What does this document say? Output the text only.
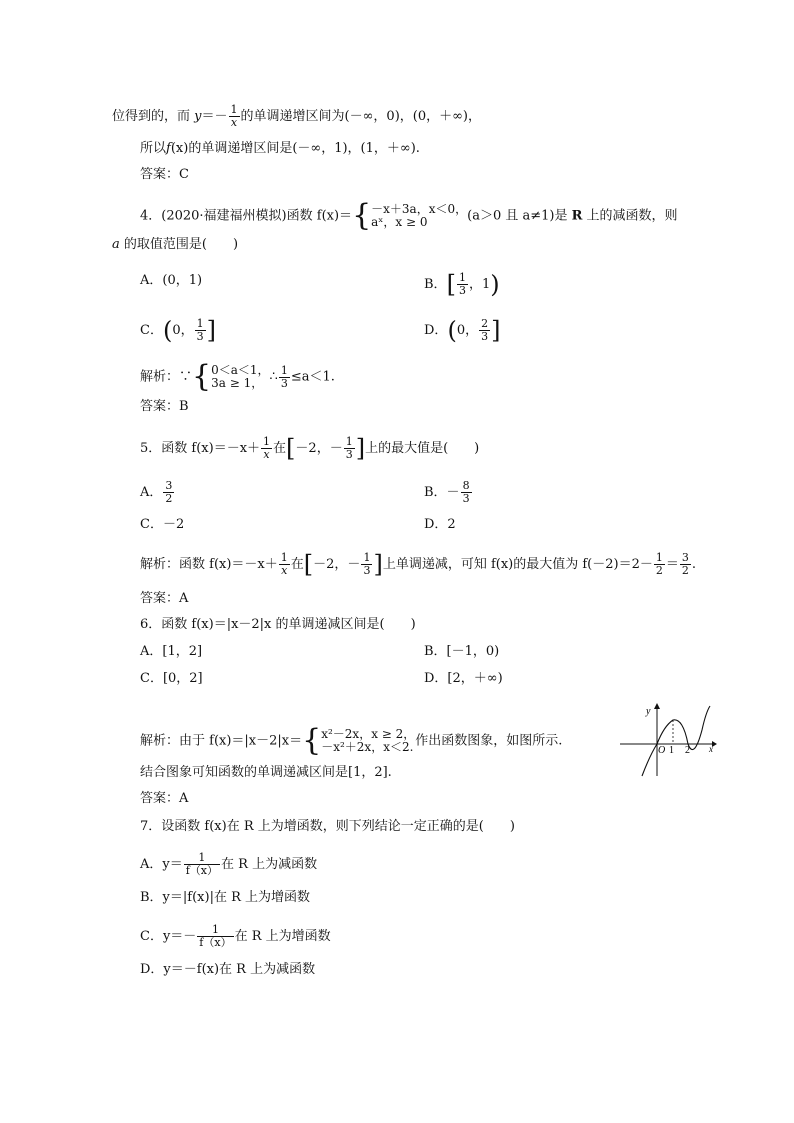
位得到的，而 $y=- \frac{1}{x}$ 的单调递增区间为(－∞，0)，(0，＋∞)，
所以f(x)的单调递增区间是(－∞，1)，(1，＋∞).
答案：C
4．(2020·福建福州模拟)函数 f(x)＝{ －x＋3a，x＜0，
aˣ，x ≥ 0	(a＞0 且 a≠1)是 R 上的减函数，则
a 的取值范围是(　　)
A．(0，1)	B．[ $\frac{1}{3}$ ，1)
C．(0， $\frac{1}{3}$ ]	D．(0， $\frac{2}{3}$ ]
解析：∵{ 0＜a＜1，
3a ≥ 1， ∴ $\frac{1}{3} \le a<1$.
答案：B
5．函数 $f(x)=-x+ \frac{1}{x}$ 在[－2，－ $\frac{1}{3}$ ]上的最大值是(　　)
A． $\frac{3}{2}$	B．－ $\frac{8}{3}$
C．－2	D．2
解析：函数 $f(x)=-x+ \frac{1}{x}$ 在[－2，－ $\frac{1}{3}$ ]上单调递减，可知 f(x)的最大值为 $f(-2)=2- \frac{1}{2} = \frac{3}{2}$ .
答案：A
6．函数 f(x)＝|x－2|x 的单调递减区间是(　　)
A．[1，2]	B．[－1，0)
C．[0，2]	D．[2，＋∞)
解析：由于 f(x)＝|x－2|x＝{ x²－2x，x ≥ 2，
－x²＋2x，x＜2. 作出函数图象，如图所示.
结合图象可知函数的单调递减区间是[1，2].
答案：A
y
x
O 1 2
7．设函数 f(x)在 R 上为增函数，则下列结论一定正确的是(　　)
A．$y= \frac{1}{f(x)}$ 在 R 上为减函数
B．y＝|f(x)|在 R 上为增函数
C．$y=- \frac{1}{f(x)}$ 在 R 上为增函数
D．y＝－f(x)在 R 上为减函数
